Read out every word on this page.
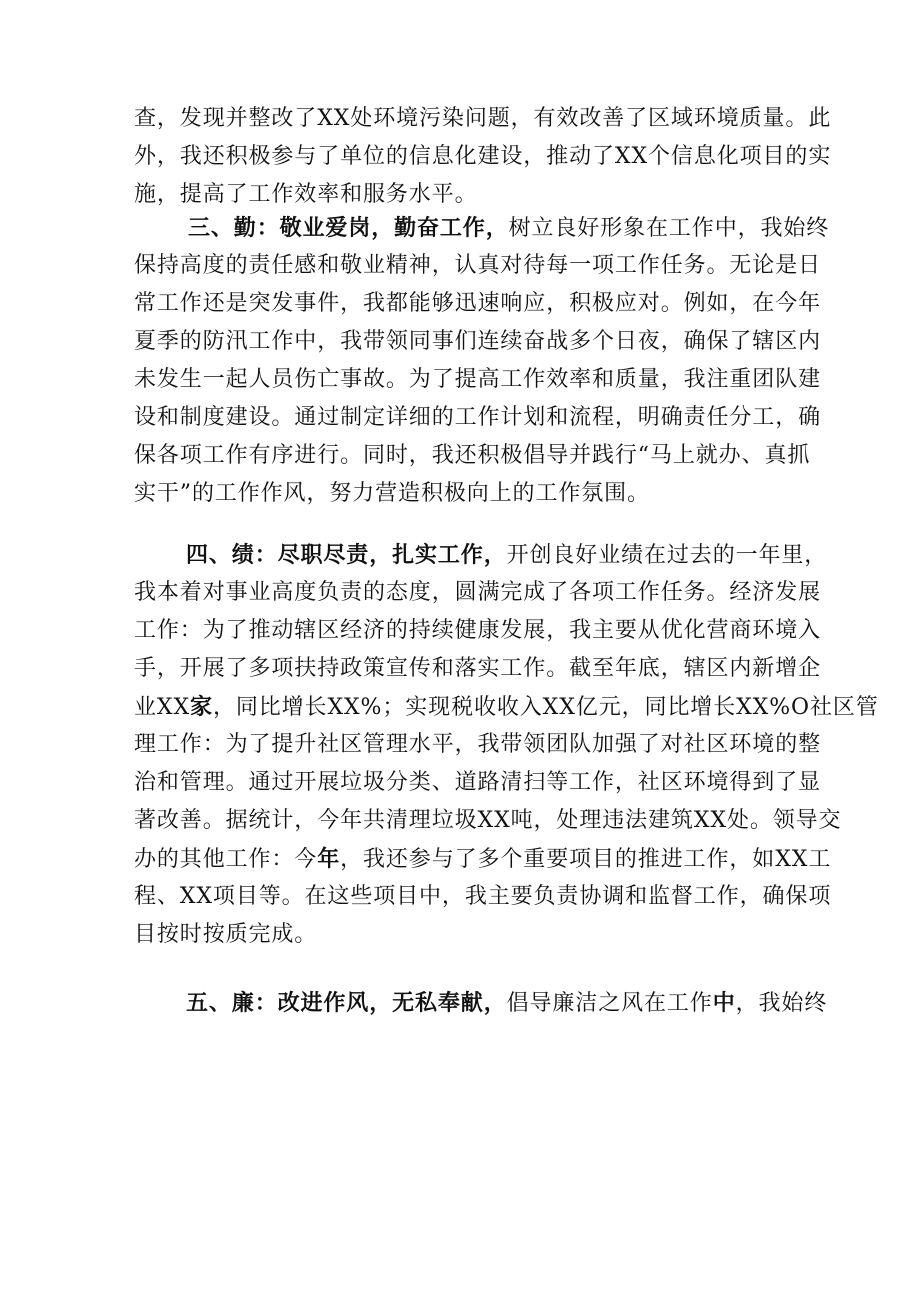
查，发现并整改了XX处环境污染问题，有效改善了区域环境质量。此
外，我还积极参与了单位的信息化建设，推动了XX个信息化项目的实
施，提高了工作效率和服务水平。
三、勤：敬业爱岗，勤奋工作，树立良好形象在工作中，我始终
保持高度的责任感和敬业精神，认真对待每一项工作任务。无论是日
常工作还是突发事件，我都能够迅速响应，积极应对。例如，在今年
夏季的防汛工作中，我带领同事们连续奋战多个日夜，确保了辖区内
未发生一起人员伤亡事故。为了提高工作效率和质量，我注重团队建
设和制度建设。通过制定详细的工作计划和流程，明确责任分工，确
保各项工作有序进行。同时，我还积极倡导并践行“马上就办、真抓
实干”的工作作风，努力营造积极向上的工作氛围。
四、绩：尽职尽责，扎实工作，开创良好业绩在过去的一年里，
我本着对事业高度负责的态度，圆满完成了各项工作任务。经济发展
工作：为了推动辖区经济的持续健康发展，我主要从优化营商环境入
手，开展了多项扶持政策宣传和落实工作。截至年底，辖区内新增企
业XX家，同比增长XX%；实现税收收入XX亿元，同比增长XX%O社区管
理工作：为了提升社区管理水平，我带领团队加强了对社区环境的整
治和管理。通过开展垃圾分类、道路清扫等工作，社区环境得到了显
著改善。据统计，今年共清理垃圾XX吨，处理违法建筑XX处。领导交
办的其他工作：今年，我还参与了多个重要项目的推进工作，如XX工
程、XX项目等。在这些项目中，我主要负责协调和监督工作，确保项
目按时按质完成。
五、廉：改进作风，无私奉献，倡导廉洁之风在工作中，我始终
